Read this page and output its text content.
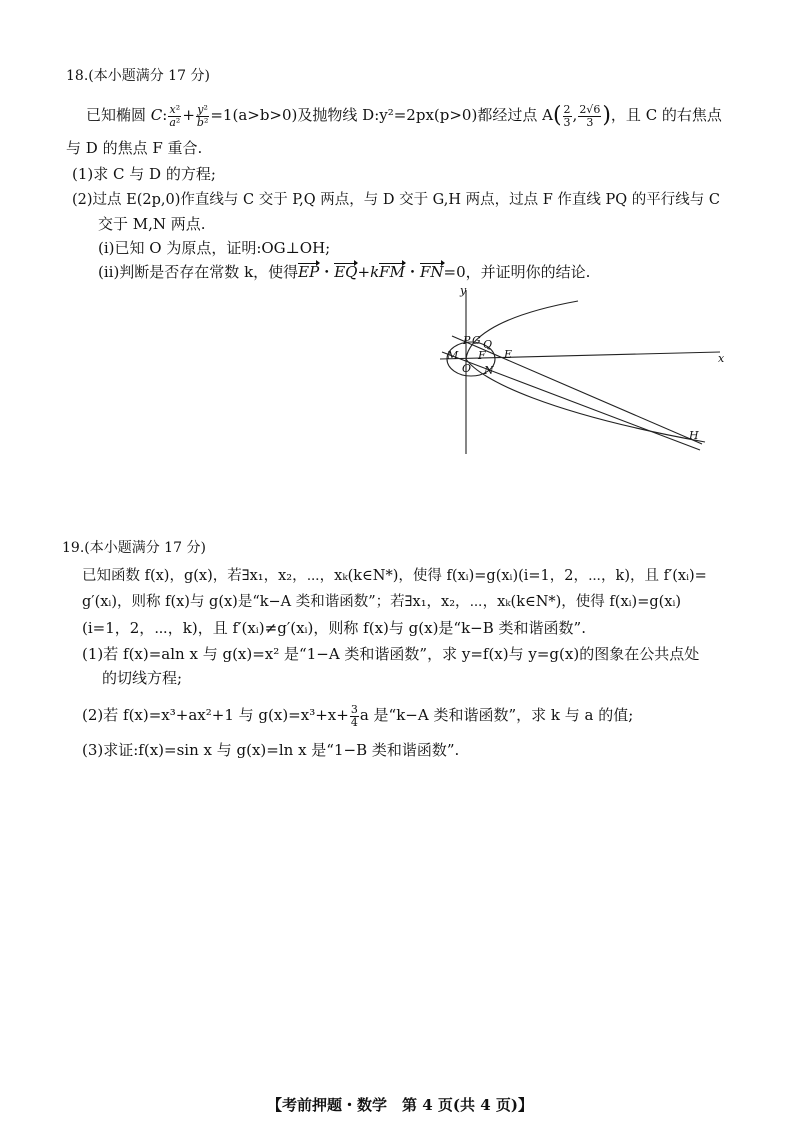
18.(本小题满分 17 分)
已知椭圆 C: $\frac{\text{x²}}{\text{a²}} + \frac{\text{y²}}{\text{b²}} =1(a>b>0)$及抛物线 D:y²=2px(p>0)都经过点 $A( \frac{2}{3}$ , $\frac{2√6}{3}$ )，且 C 的右焦点
与 D 的焦点 F 重合.
(1)求 C 与 D 的方程;
(2)过点 E(2p,0)作直线与 C 交于 P,Q 两点，与 D 交于 G,H 两点，过点 F 作直线 PQ 的平行线与 C
交于 M,N 两点.
(ⅰ)已知 O 为原点，证明:OG⊥OH;
(ⅱ)判断是否存在常数 k，使得EP・EQ+kFM・FN=0，并证明你的结论.
y
x
P G Q
M F E
O N
H
19.(本小题满分 17 分)
已知函数 f(x)，g(x)，若∃x₁，x₂，⋯，xₖ(k∈N*)，使得 f(xᵢ)=g(xᵢ)(i=1，2，⋯，k)，且 f′(xᵢ)=
g′(xᵢ)，则称 f(x)与 g(x)是“k−A 类和谐函数”；若∃x₁，x₂，⋯，xₖ(k∈N*)，使得 f(xᵢ)=g(xᵢ)
(i=1，2，⋯，k)，且 f′(xᵢ)≠g′(xᵢ)，则称 f(x)与 g(x)是“k−B 类和谐函数”.
(1)若 f(x)=aln x 与 g(x)=x² 是“1−A 类和谐函数”，求 y=f(x)与 y=g(x)的图象在公共点处
的切线方程;
(2)若 f(x)=x³+ax²+1 与 $g(x)=x^3+x+ \frac{3}{4}$ a 是“k−A 类和谐函数”，求 k 与 a 的值;
(3)求证:f(x)=sin x 与 g(x)=ln x 是“1−B 类和谐函数”.
【考前押题・数学　第 4 页(共 4 页)】
